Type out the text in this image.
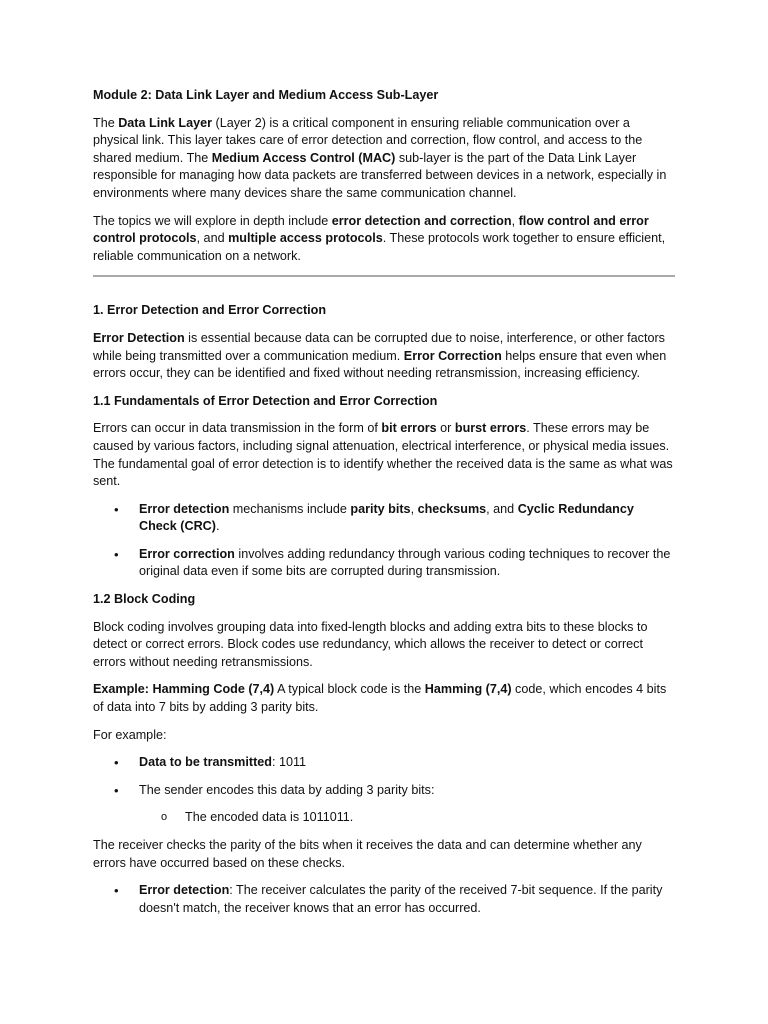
Module 2: Data Link Layer and Medium Access Sub-Layer

The Data Link Layer (Layer 2) is a critical component in ensuring reliable communication over a physical link. This layer takes care of error detection and correction, flow control, and access to the shared medium. The Medium Access Control (MAC) sub-layer is the part of the Data Link Layer responsible for managing how data packets are transferred between devices in a network, especially in environments where many devices share the same communication channel.

The topics we will explore in depth include error detection and correction, flow control and error control protocols, and multiple access protocols. These protocols work together to ensure efficient, reliable communication on a network.

1. Error Detection and Error Correction

Error Detection is essential because data can be corrupted due to noise, interference, or other factors while being transmitted over a communication medium. Error Correction helps ensure that even when errors occur, they can be identified and fixed without needing retransmission, increasing efficiency.

1.1 Fundamentals of Error Detection and Error Correction

Errors can occur in data transmission in the form of bit errors or burst errors. These errors may be caused by various factors, including signal attenuation, electrical interference, or physical media issues. The fundamental goal of error detection is to identify whether the received data is the same as what was sent.

• Error detection mechanisms include parity bits, checksums, and Cyclic Redundancy Check (CRC).
• Error correction involves adding redundancy through various coding techniques to recover the original data even if some bits are corrupted during transmission.

1.2 Block Coding

Block coding involves grouping data into fixed-length blocks and adding extra bits to these blocks to detect or correct errors. Block codes use redundancy, which allows the receiver to detect or correct errors without needing retransmissions.

Example: Hamming Code (7,4) A typical block code is the Hamming (7,4) code, which encodes 4 bits of data into 7 bits by adding 3 parity bits.

For example:

• Data to be transmitted: 1011
• The sender encodes this data by adding 3 parity bits:
o The encoded data is 1011011.

The receiver checks the parity of the bits when it receives the data and can determine whether any errors have occurred based on these checks.

• Error detection: The receiver calculates the parity of the received 7-bit sequence. If the parity doesn't match, the receiver knows that an error has occurred.
